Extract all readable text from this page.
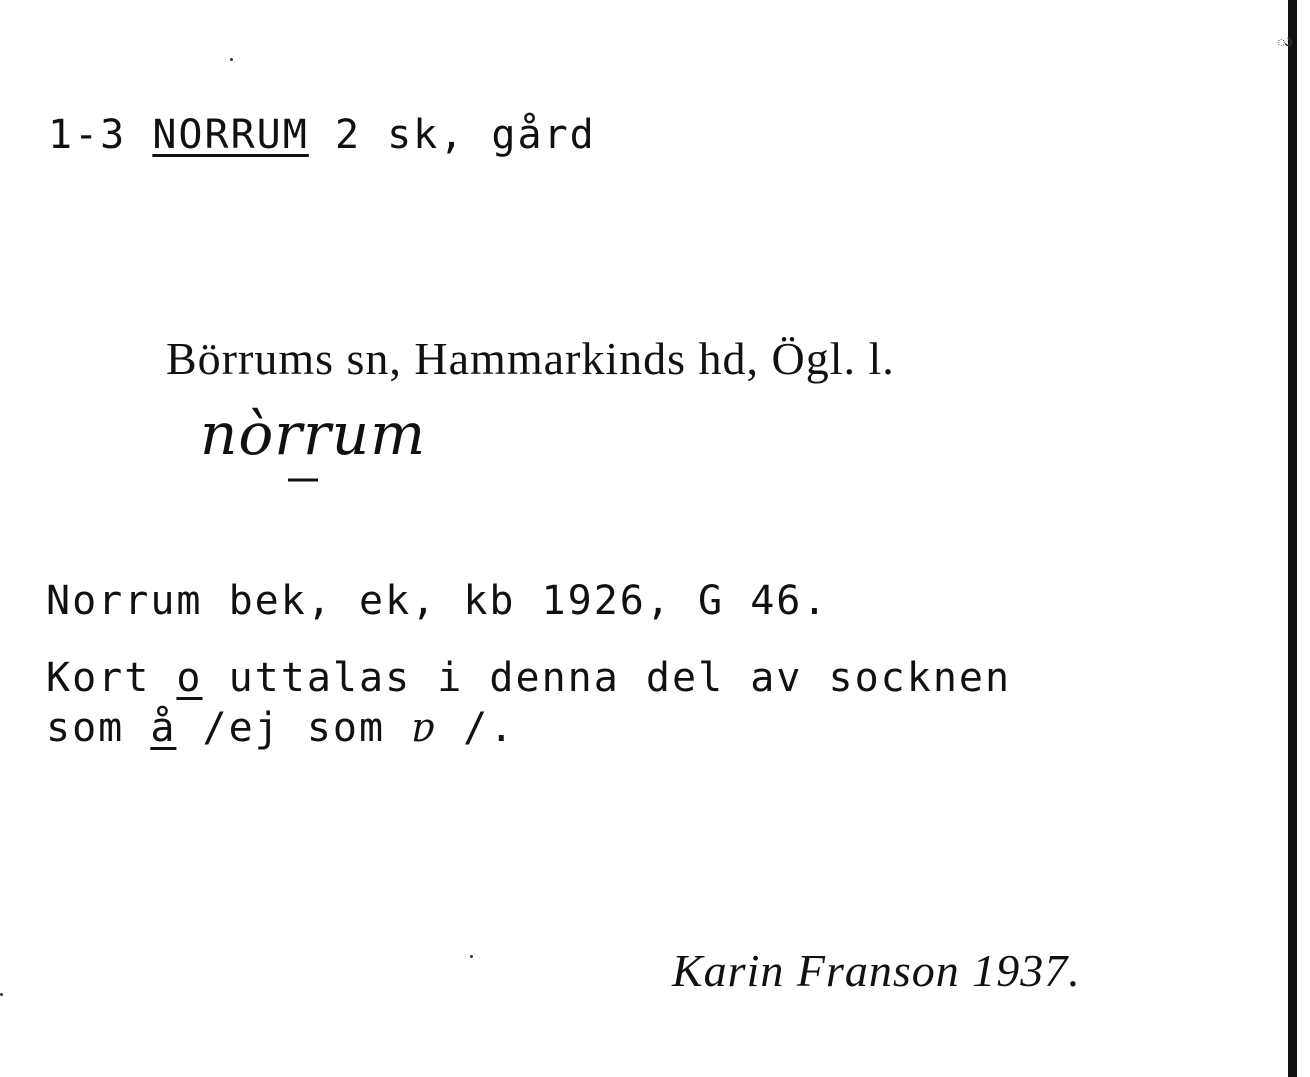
ు
1-3 NORRUM 2 sk, gård
Börrums sn, Hammarkinds hd, Ögl. l.
nòrrum
Norrum bek, ek, kb 1926, G 46.
Kort o uttalas i denna del av socknen
som å /ej som ɐ /.
Karin Franson 1937.
